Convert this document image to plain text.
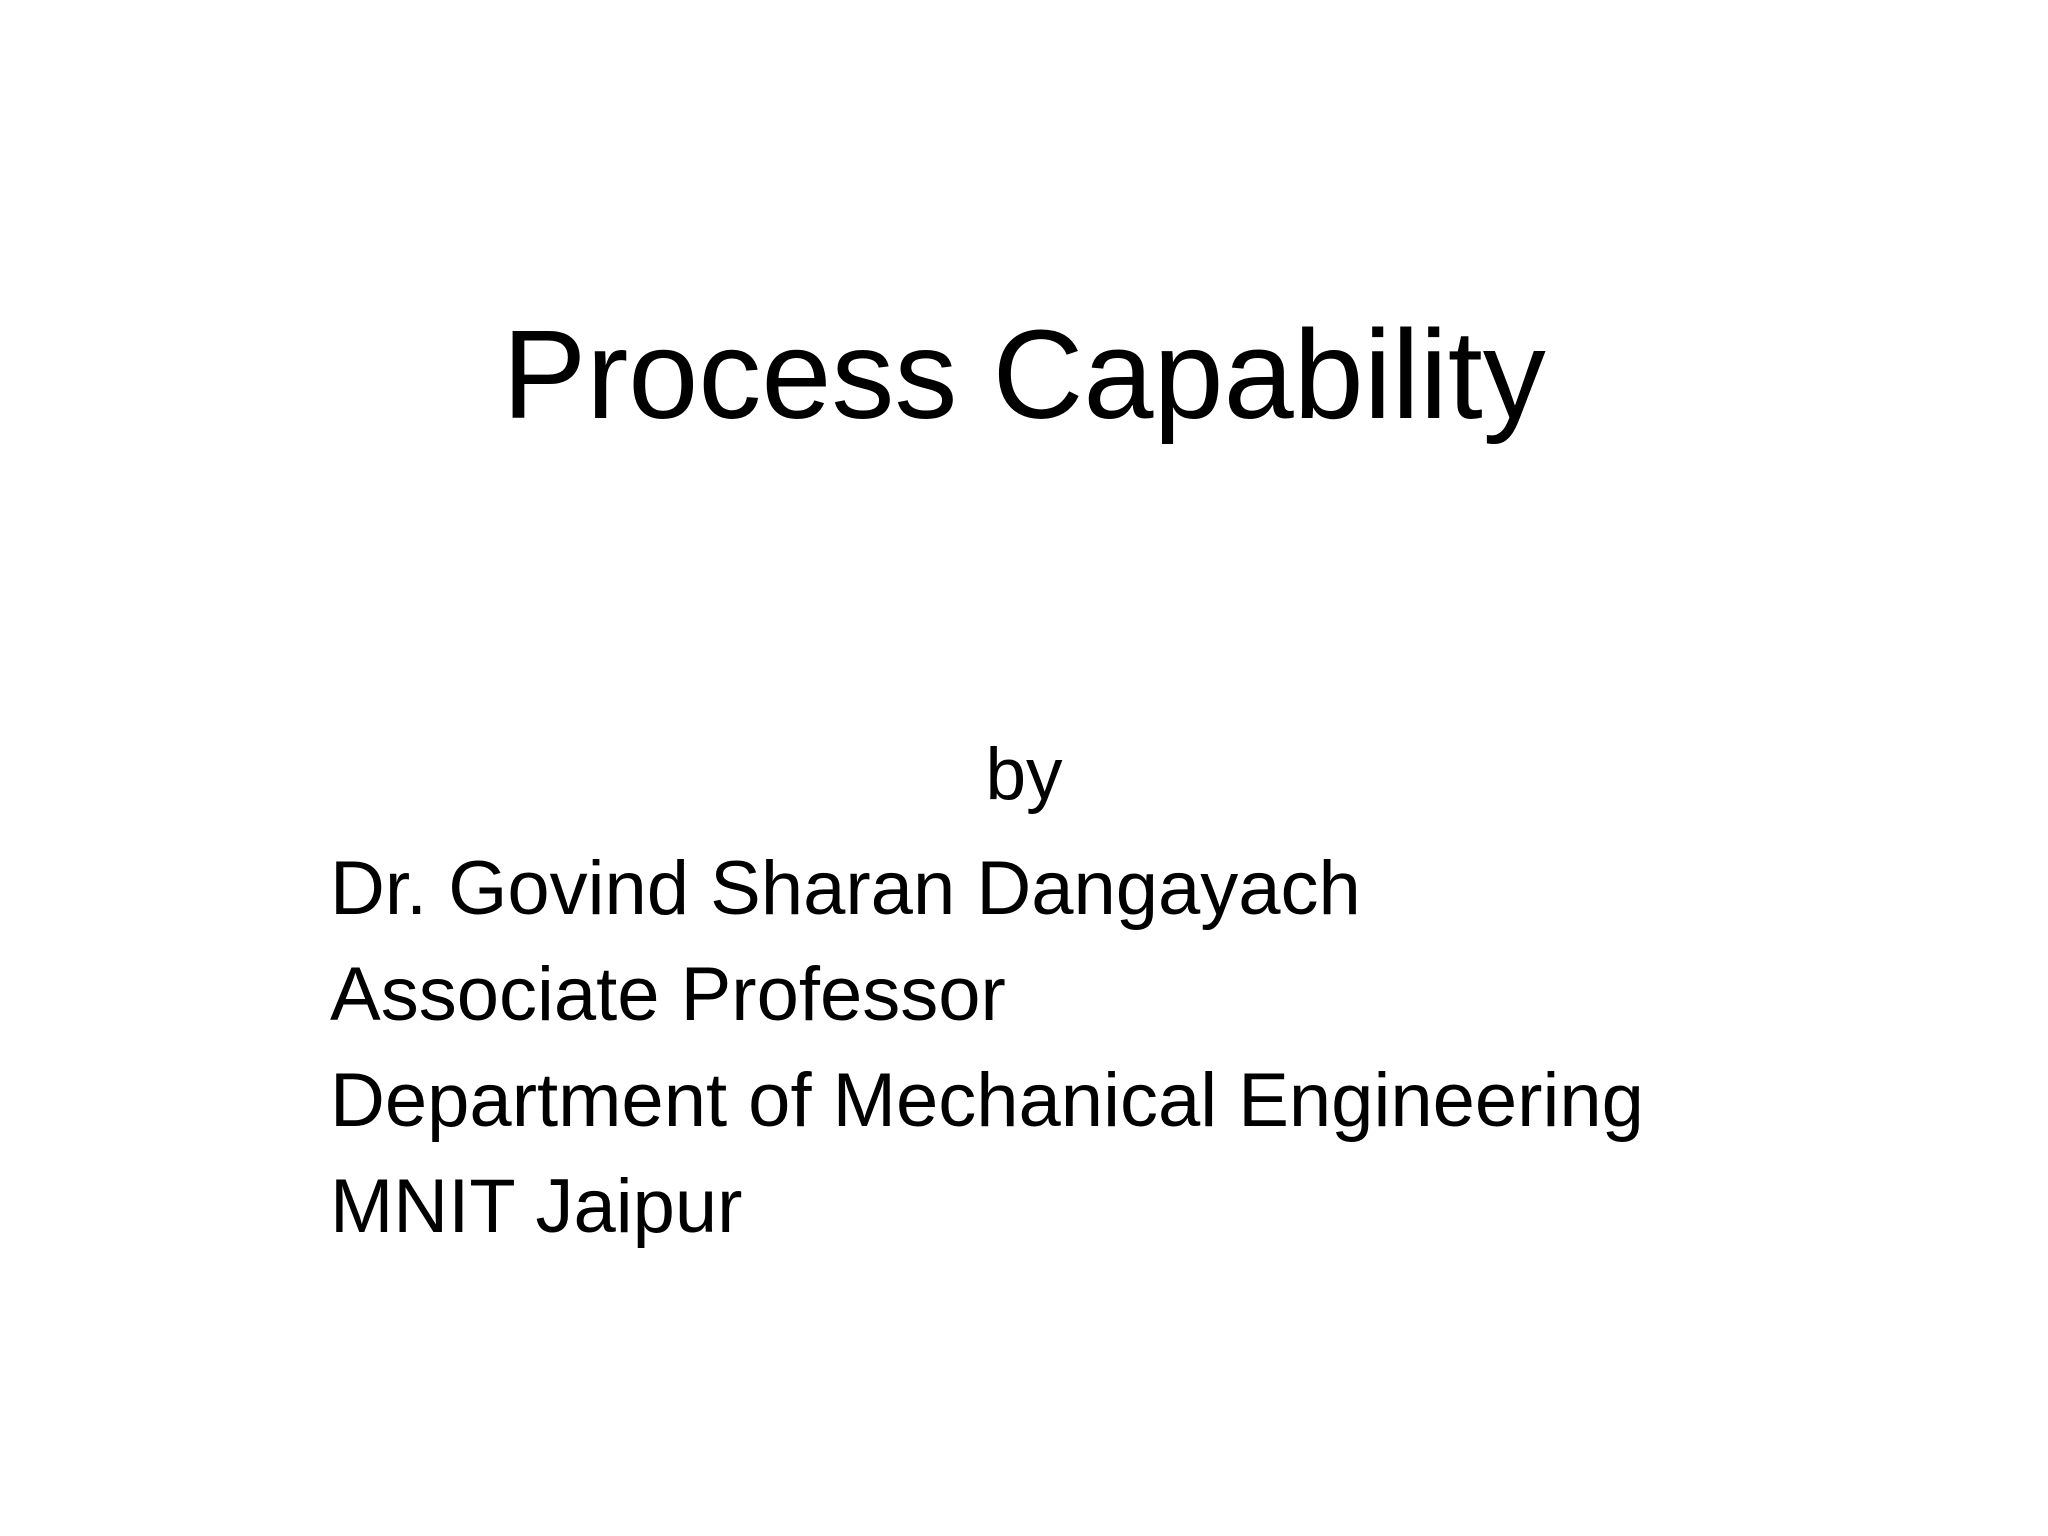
Process Capability
by
Dr. Govind Sharan Dangayach
Associate Professor
Department of Mechanical Engineering
MNIT Jaipur
